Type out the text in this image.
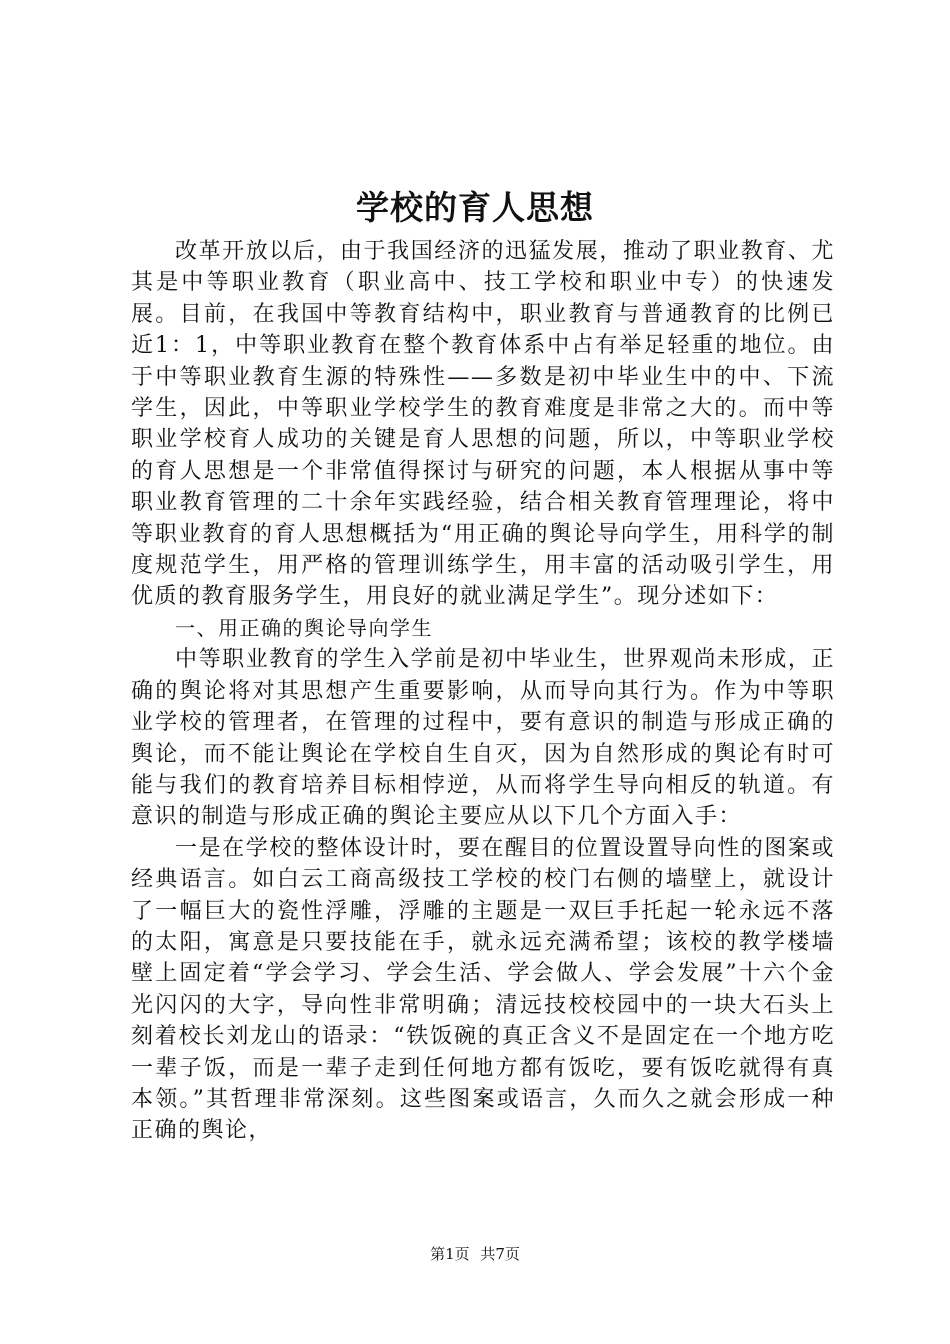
学校的育人思想

改革开放以后，由于我国经济的迅猛发展，推动了职业教育、尤其是中等职业教育（职业高中、技工学校和职业中专）的快速发展。目前，在我国中等教育结构中，职业教育与普通教育的比例已近1：1，中等职业教育在整个教育体系中占有举足轻重的地位。由于中等职业教育生源的特殊性——多数是初中毕业生中的中、下流学生，因此，中等职业学校学生的教育难度是非常之大的。而中等职业学校育人成功的关键是育人思想的问题，所以，中等职业学校的育人思想是一个非常值得探讨与研究的问题，本人根据从事中等职业教育管理的二十余年实践经验，结合相关教育管理理论，将中等职业教育的育人思想概括为“用正确的舆论导向学生，用科学的制度规范学生，用严格的管理训练学生，用丰富的活动吸引学生，用优质的教育服务学生，用良好的就业满足学生”。现分述如下：

一、用正确的舆论导向学生

中等职业教育的学生入学前是初中毕业生，世界观尚未形成，正确的舆论将对其思想产生重要影响，从而导向其行为。作为中等职业学校的管理者，在管理的过程中，要有意识的制造与形成正确的舆论，而不能让舆论在学校自生自灭，因为自然形成的舆论有时可能与我们的教育培养目标相悖逆，从而将学生导向相反的轨道。有意识的制造与形成正确的舆论主要应从以下几个方面入手：

一是在学校的整体设计时，要在醒目的位置设置导向性的图案或经典语言。如白云工商高级技工学校的校门右侧的墙壁上，就设计了一幅巨大的瓷性浮雕，浮雕的主题是一双巨手托起一轮永远不落的太阳，寓意是只要技能在手，就永远充满希望；该校的教学楼墙壁上固定着“学会学习、学会生活、学会做人、学会发展”十六个金光闪闪的大字，导向性非常明确；清远技校校园中的一块大石头上刻着校长刘龙山的语录：“铁饭碗的真正含义不是固定在一个地方吃一辈子饭，而是一辈子走到任何地方都有饭吃，要有饭吃就得有真本领。”其哲理非常深刻。这些图案或语言，久而久之就会形成一种正确的舆论，

第1页 共7页
